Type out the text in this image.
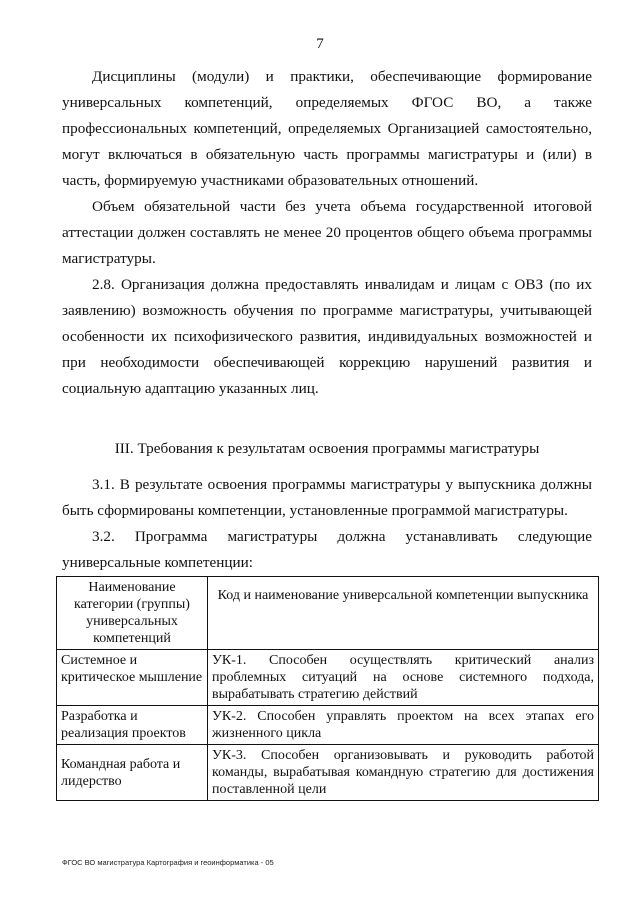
7
Дисциплины (модули) и практики, обеспечивающие формирование универсальных компетенций, определяемых ФГОС ВО, а также профессиональных компетенций, определяемых Организацией самостоятельно, могут включаться в обязательную часть программы магистратуры и (или) в часть, формируемую участниками образовательных отношений.
Объем обязательной части без учета объема государственной итоговой аттестации должен составлять не менее 20 процентов общего объема программы магистратуры.
2.8. Организация должна предоставлять инвалидам и лицам с ОВЗ (по их заявлению) возможность обучения по программе магистратуры, учитывающей особенности их психофизического развития, индивидуальных возможностей и при необходимости обеспечивающей коррекцию нарушений развития и социальную адаптацию указанных лиц.
III. Требования к результатам освоения программы магистратуры
3.1. В результате освоения программы магистратуры у выпускника должны быть сформированы компетенции, установленные программой магистратуры.
3.2. Программа магистратуры должна устанавливать следующие универсальные компетенции:
Наименование категории (группы) универсальных компетенций	Код и наименование универсальной компетенции выпускника
Системное и критическое мышление	УК-1. Способен осуществлять критический анализ проблемных ситуаций на основе системного подхода, вырабатывать стратегию действий
Разработка и реализация проектов	УК-2. Способен управлять проектом на всех этапах его жизненного цикла
Командная работа и лидерство	УК-3. Способен организовывать и руководить работой команды, вырабатывая командную стратегию для достижения поставленной цели
ФГОС ВО магистратура Картография и геоинформатика - 05
